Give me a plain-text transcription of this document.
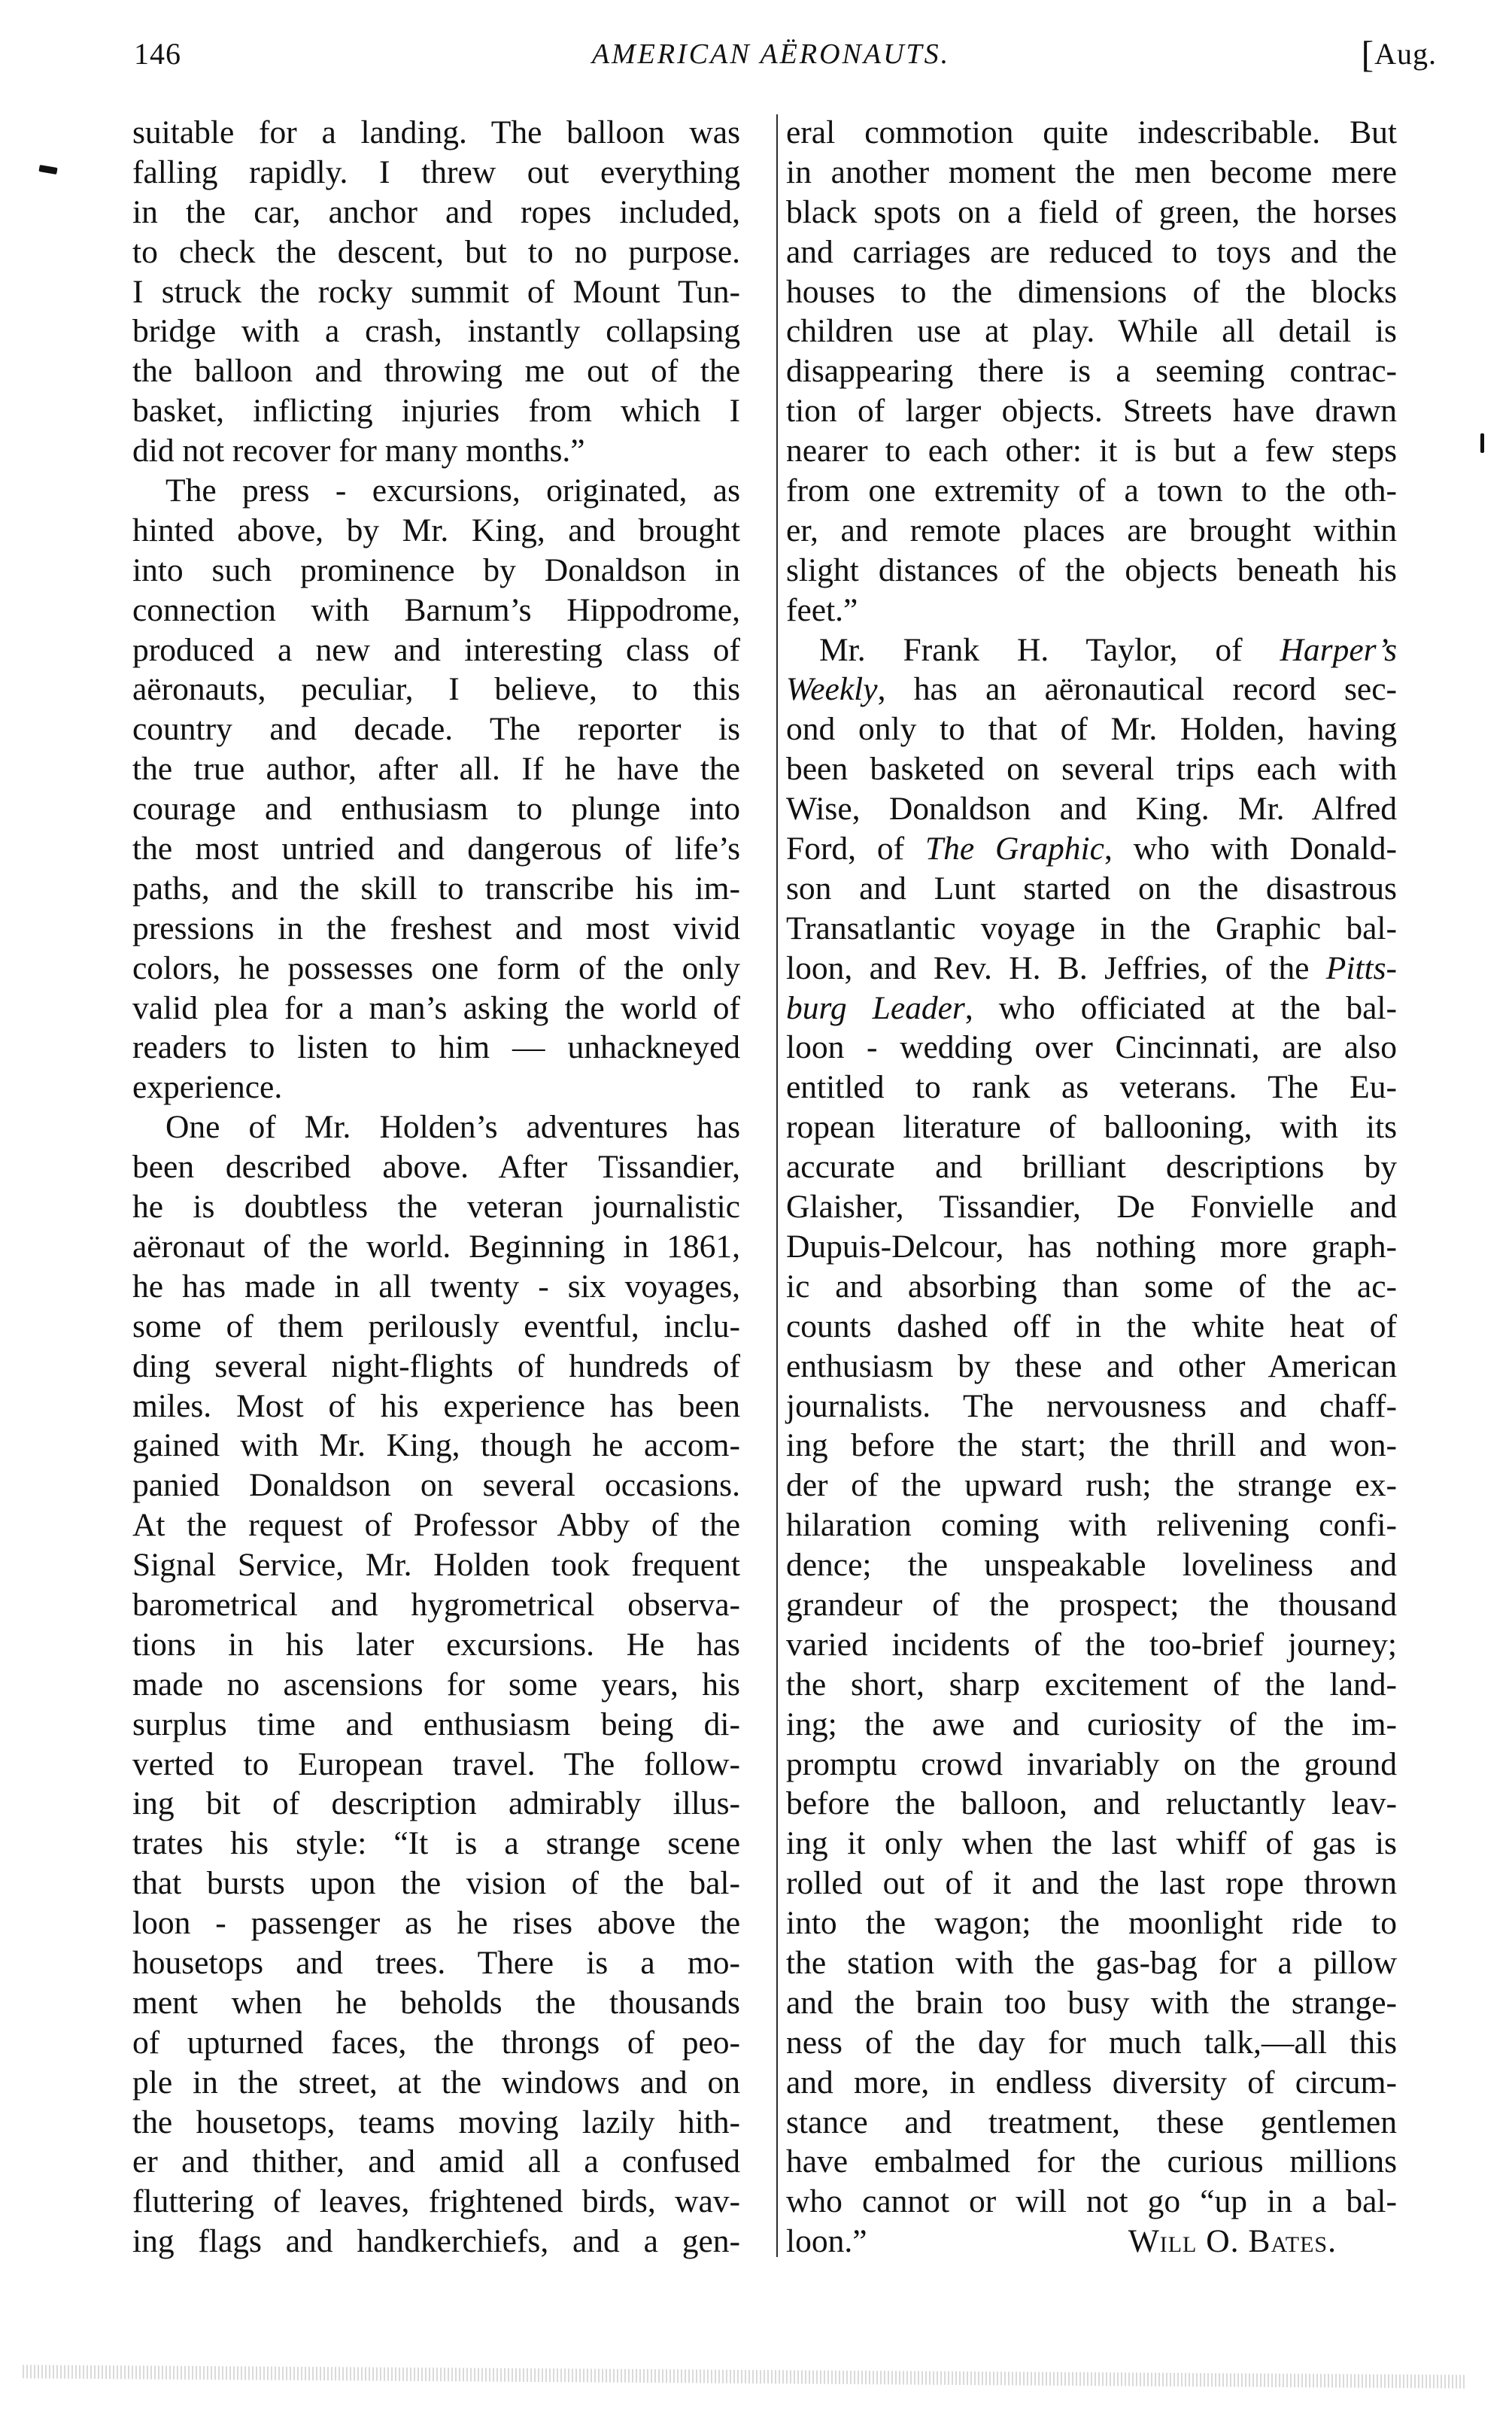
146	AMERICAN AËRONAUTS.	[Aug.
suitable for a landing. The balloon was
falling rapidly. I threw out everything
in the car, anchor and ropes included,
to check the descent, but to no purpose.
I struck the rocky summit of Mount Tun-
bridge with a crash, instantly collapsing
the balloon and throwing me out of the
basket, inflicting injuries from which I
did not recover for many months.”
The press - excursions, originated, as
hinted above, by Mr. King, and brought
into such prominence by Donaldson in
connection with Barnum’s Hippodrome,
produced a new and interesting class of
aëronauts, peculiar, I believe, to this
country and decade. The reporter is
the true author, after all. If he have the
courage and enthusiasm to plunge into
the most untried and dangerous of life’s
paths, and the skill to transcribe his im-
pressions in the freshest and most vivid
colors, he possesses one form of the only
valid plea for a man’s asking the world of
readers to listen to him — unhackneyed
experience.
One of Mr. Holden’s adventures has
been described above. After Tissandier,
he is doubtless the veteran journalistic
aëronaut of the world. Beginning in 1861,
he has made in all twenty - six voyages,
some of them perilously eventful, inclu-
ding several night-flights of hundreds of
miles. Most of his experience has been
gained with Mr. King, though he accom-
panied Donaldson on several occasions.
At the request of Professor Abby of the
Signal Service, Mr. Holden took frequent
barometrical and hygrometrical observa-
tions in his later excursions. He has
made no ascensions for some years, his
surplus time and enthusiasm being di-
verted to European travel. The follow-
ing bit of description admirably illus-
trates his style: “It is a strange scene
that bursts upon the vision of the bal-
loon - passenger as he rises above the
housetops and trees. There is a mo-
ment when he beholds the thousands
of upturned faces, the throngs of peo-
ple in the street, at the windows and on
the housetops, teams moving lazily hith-
er and thither, and amid all a confused
fluttering of leaves, frightened birds, wav-
ing flags and handkerchiefs, and a gen-
eral commotion quite indescribable. But
in another moment the men become mere
black spots on a field of green, the horses
and carriages are reduced to toys and the
houses to the dimensions of the blocks
children use at play. While all detail is
disappearing there is a seeming contrac-
tion of larger objects. Streets have drawn
nearer to each other: it is but a few steps
from one extremity of a town to the oth-
er, and remote places are brought within
slight distances of the objects beneath his
feet.”
Mr. Frank H. Taylor, of Harper’s
Weekly, has an aëronautical record sec-
ond only to that of Mr. Holden, having
been basketed on several trips each with
Wise, Donaldson and King. Mr. Alfred
Ford, of The Graphic, who with Donald-
son and Lunt started on the disastrous
Transatlantic voyage in the Graphic bal-
loon, and Rev. H. B. Jeffries, of the Pitts-
burg Leader, who officiated at the bal-
loon - wedding over Cincinnati, are also
entitled to rank as veterans. The Eu-
ropean literature of ballooning, with its
accurate and brilliant descriptions by
Glaisher, Tissandier, De Fonvielle and
Dupuis-Delcour, has nothing more graph-
ic and absorbing than some of the ac-
counts dashed off in the white heat of
enthusiasm by these and other American
journalists. The nervousness and chaff-
ing before the start; the thrill and won-
der of the upward rush; the strange ex-
hilaration coming with relivening confi-
dence; the unspeakable loveliness and
grandeur of the prospect; the thousand
varied incidents of the too-brief journey;
the short, sharp excitement of the land-
ing; the awe and curiosity of the im-
promptu crowd invariably on the ground
before the balloon, and reluctantly leav-
ing it only when the last whiff of gas is
rolled out of it and the last rope thrown
into the wagon; the moonlight ride to
the station with the gas-bag for a pillow
and the brain too busy with the strange-
ness of the day for much talk,—all this
and more, in endless diversity of circum-
stance and treatment, these gentlemen
have embalmed for the curious millions
who cannot or will not go “up in a bal-
loon.”	Will O. Bates.
